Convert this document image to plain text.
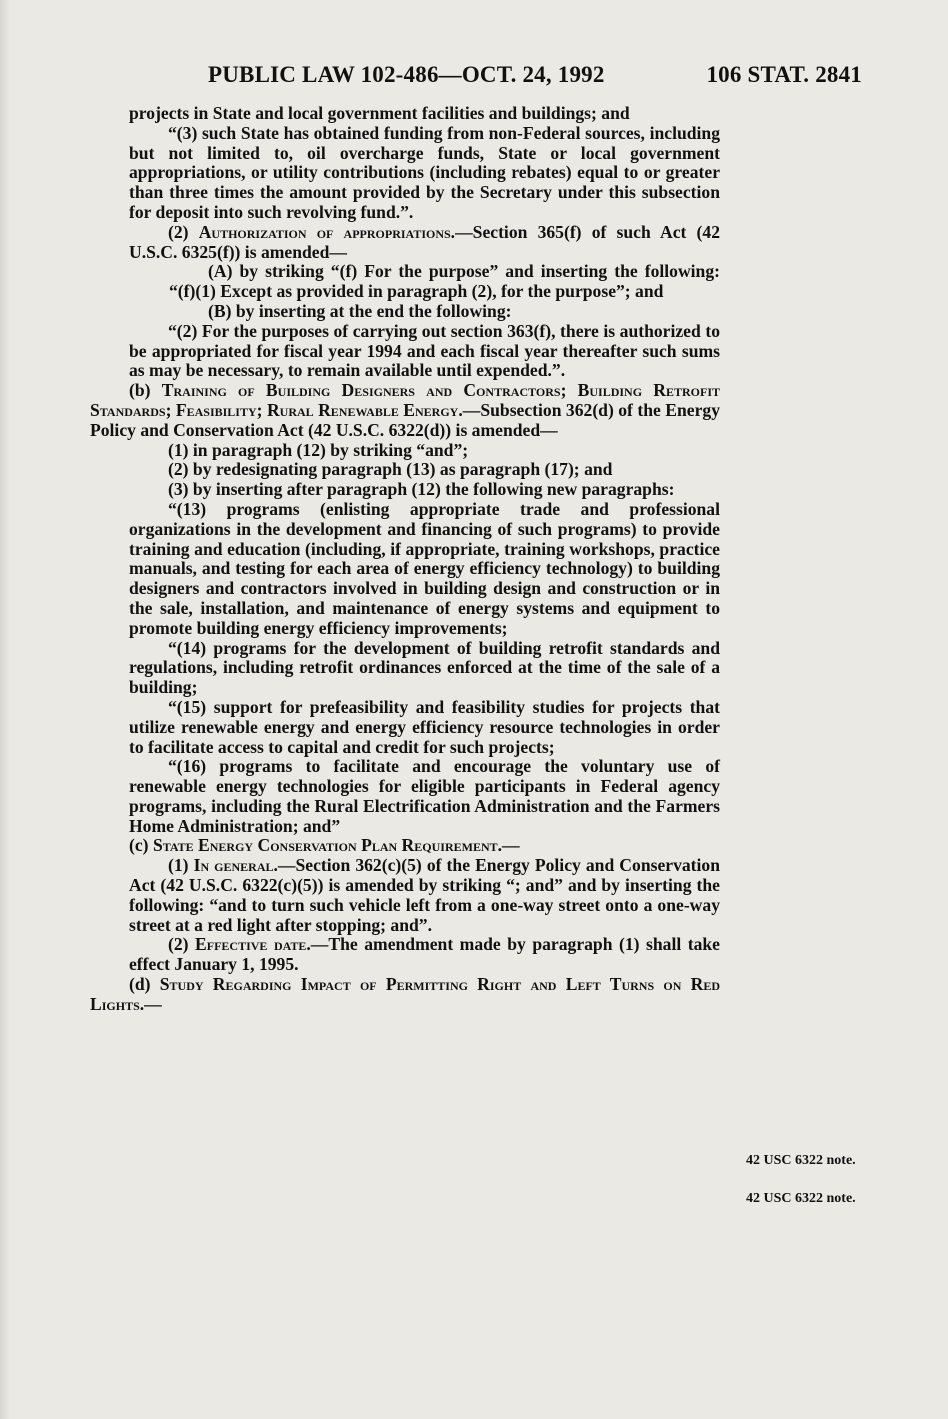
PUBLIC LAW 102-486—OCT. 24, 1992	106 STAT. 2841

projects in State and local government facilities and buildings; and

“(3) such State has obtained funding from non-Federal sources, including but not limited to, oil overcharge funds, State or local government appropriations, or utility contributions (including rebates) equal to or greater than three times the amount provided by the Secretary under this subsection for deposit into such revolving fund.”.

(2) Authorization of appropriations.—Section 365(f) of such Act (42 U.S.C. 6325(f)) is amended—

(A) by striking “(f) For the purpose” and inserting the following: “(f)(1) Except as provided in paragraph (2), for the purpose”; and

(B) by inserting at the end the following:

“(2) For the purposes of carrying out section 363(f), there is authorized to be appropriated for fiscal year 1994 and each fiscal year thereafter such sums as may be necessary, to remain available until expended.”.

(b) Training of Building Designers and Contractors; Building Retrofit Standards; Feasibility; Rural Renewable Energy.—Subsection 362(d) of the Energy Policy and Conservation Act (42 U.S.C. 6322(d)) is amended—

(1) in paragraph (12) by striking “and”;

(2) by redesignating paragraph (13) as paragraph (17); and

(3) by inserting after paragraph (12) the following new paragraphs:

“(13) programs (enlisting appropriate trade and professional organizations in the development and financing of such programs) to provide training and education (including, if appropriate, training workshops, practice manuals, and testing for each area of energy efficiency technology) to building designers and contractors involved in building design and construction or in the sale, installation, and maintenance of energy systems and equipment to promote building energy efficiency improvements;

“(14) programs for the development of building retrofit standards and regulations, including retrofit ordinances enforced at the time of the sale of a building;

“(15) support for prefeasibility and feasibility studies for projects that utilize renewable energy and energy efficiency resource technologies in order to facilitate access to capital and credit for such projects;

“(16) programs to facilitate and encourage the voluntary use of renewable energy technologies for eligible participants in Federal agency programs, including the Rural Electrification Administration and the Farmers Home Administration; and”

(c) State Energy Conservation Plan Requirement.—

(1) In general.—Section 362(c)(5) of the Energy Policy and Conservation Act (42 U.S.C. 6322(c)(5)) is amended by striking “; and” and by inserting the following: “and to turn such vehicle left from a one-way street onto a one-way street at a red light after stopping; and”.

(2) Effective date.—The amendment made by paragraph (1) shall take effect January 1, 1995.

(d) Study Regarding Impact of Permitting Right and Left Turns on Red Lights.—

42 USC 6322 note.
42 USC 6322 note.
